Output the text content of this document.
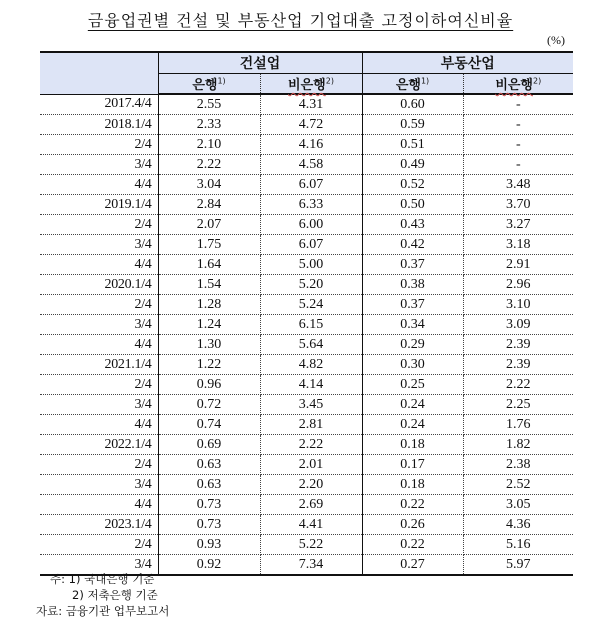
금융업권별 건설 및 부동산업 기업대출 고정이하여신비율
(%)
	건설업		부동산업	
	은행$^{1)}$	비은행$^{2)}$	은행$^{1)}$	비은행$^{2)}$
2017.4/4	2.55	4.31	0.60	-
2018.1/4	2.33	4.72	0.59	-
2/4	2.10	4.16	0.51	-
3/4	2.22	4.58	0.49	-
4/4	3.04	6.07	0.52	3.48
2019.1/4	2.84	6.33	0.50	3.70
2/4	2.07	6.00	0.43	3.27
3/4	1.75	6.07	0.42	3.18
4/4	1.64	5.00	0.37	2.91
2020.1/4	1.54	5.20	0.38	2.96
2/4	1.28	5.24	0.37	3.10
3/4	1.24	6.15	0.34	3.09
4/4	1.30	5.64	0.29	2.39
2021.1/4	1.22	4.82	0.30	2.39
2/4	0.96	4.14	0.25	2.22
3/4	0.72	3.45	0.24	2.25
4/4	0.74	2.81	0.24	1.76
2022.1/4	0.69	2.22	0.18	1.82
2/4	0.63	2.01	0.17	2.38
3/4	0.63	2.20	0.18	2.52
4/4	0.73	2.69	0.22	3.05
2023.1/4	0.73	4.41	0.26	4.36
2/4	0.93	5.22	0.22	5.16
3/4	0.92	7.34	0.27	5.97
주: 1) 국내은행 기준
2) 저축은행 기준
자료: 금융기관 업무보고서
